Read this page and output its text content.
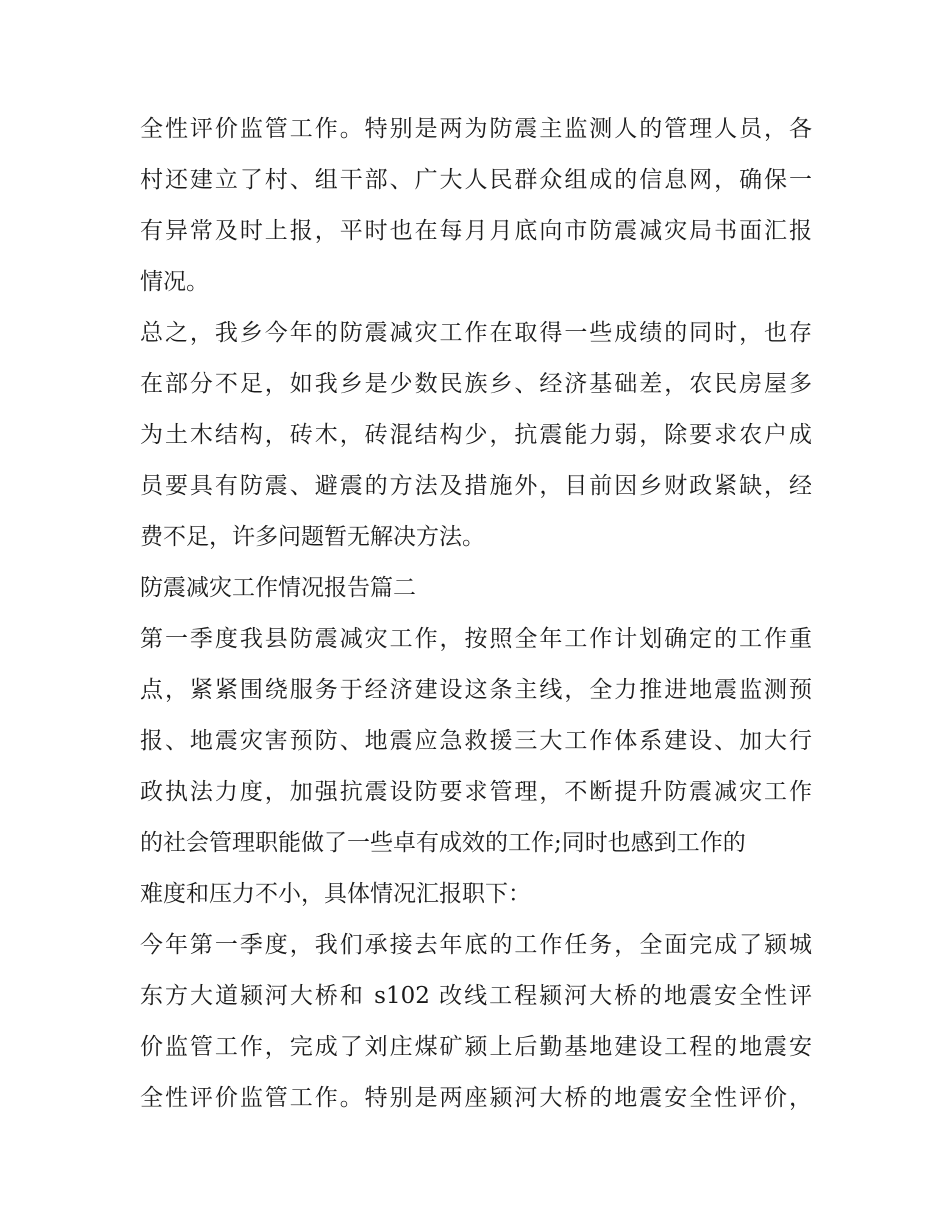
全性评价监管工作。特别是两为防震主监测人的管理人员，各
村还建立了村、组干部、广大人民群众组成的信息网，确保一
有异常及时上报，平时也在每月月底向市防震减灾局书面汇报
情况。
总之，我乡今年的防震减灾工作在取得一些成绩的同时，也存
在部分不足，如我乡是少数民族乡、经济基础差，农民房屋多
为土木结构，砖木，砖混结构少，抗震能力弱，除要求农户成
员要具有防震、避震的方法及措施外，目前因乡财政紧缺，经
费不足，许多问题暂无解决方法。
防震减灾工作情况报告篇二
第一季度我县防震减灾工作，按照全年工作计划确定的工作重
点，紧紧围绕服务于经济建设这条主线，全力推进地震监测预
报、地震灾害预防、地震应急救援三大工作体系建设、加大行
政执法力度，加强抗震设防要求管理，不断提升防震减灾工作
的社会管理职能做了一些卓有成效的工作;同时也感到工作的
难度和压力不小，具体情况汇报职下：
今年第一季度，我们承接去年底的工作任务，全面完成了颍城
东方大道颍河大桥和 s102 改线工程颍河大桥的地震安全性评
价监管工作，完成了刘庄煤矿颍上后勤基地建设工程的地震安
全性评价监管工作。特别是两座颍河大桥的地震安全性评价，
